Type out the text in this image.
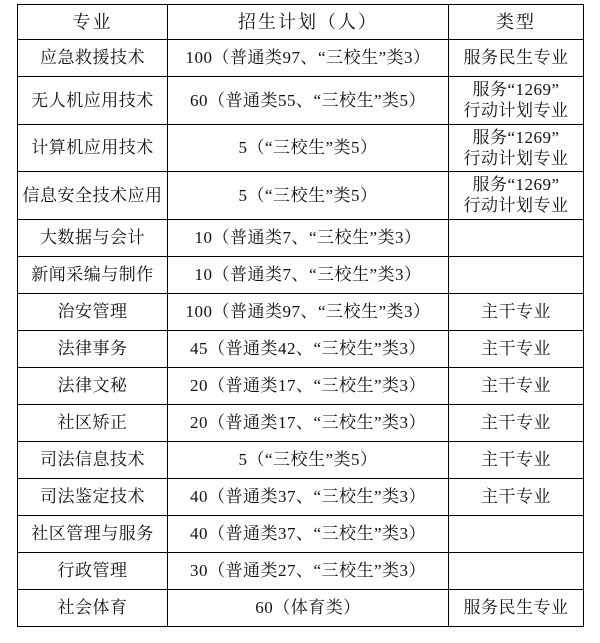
专业	招生计划（人）	类型
应急救援技术	100（普通类97、“三校生”类3）	服务民生专业

无人机应用技术	60（普通类55、“三校生”类5）	服务“1269”
行动计划专业

计算机应用技术	5（“三校生”类5）	服务“1269”
行动计划专业

信息安全技术应用	5（“三校生”类5）	服务“1269”
行动计划专业

大数据与会计	10（普通类7、“三校生”类3）	
新闻采编与制作	10（普通类7、“三校生”类3）	
治安管理	100（普通类97、“三校生”类3）	主干专业

法律事务	45（普通类42、“三校生”类3）	主干专业

法律文秘	20（普通类17、“三校生”类3）	主干专业

社区矫正	20（普通类17、“三校生”类3）	主干专业

司法信息技术	5（“三校生”类5）	主干专业

司法鉴定技术	40（普通类37、“三校生”类3）	主干专业

社区管理与服务	40（普通类37、“三校生”类3）	
行政管理	30（普通类27、“三校生”类3）	
社会体育	60（体育类）	服务民生专业
